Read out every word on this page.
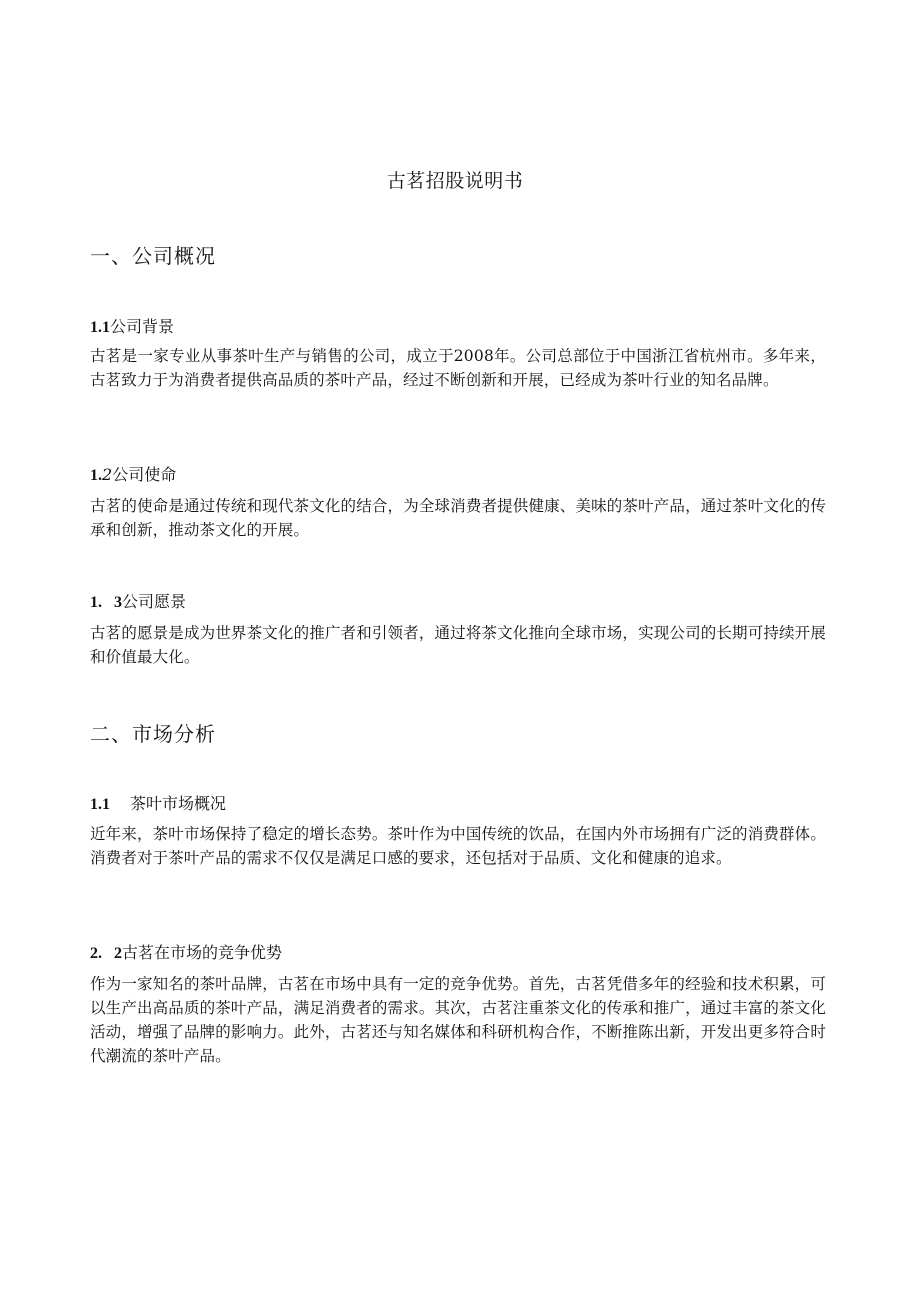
古茗招股说明书
一、公司概况
1.1公司背景
古茗是一家专业从事茶叶生产与销售的公司，成立于2008年。公司总部位于中国浙江省杭州市。多年来，古茗致力于为消费者提供高品质的茶叶产品，经过不断创新和开展，已经成为茶叶行业的知名品牌。
1.2公司使命
古茗的使命是通过传统和现代茶文化的结合，为全球消费者提供健康、美味的茶叶产品，通过茶叶文化的传承和创新，推动茶文化的开展。
1. 3公司愿景
古茗的愿景是成为世界茶文化的推广者和引领者，通过将茶文化推向全球市场，实现公司的长期可持续开展和价值最大化。
二、市场分析
1.1 茶叶市场概况
近年来，茶叶市场保持了稳定的增长态势。茶叶作为中国传统的饮品，在国内外市场拥有广泛的消费群体。消费者对于茶叶产品的需求不仅仅是满足口感的要求，还包括对于品质、文化和健康的追求。
2. 2古茗在市场的竞争优势
作为一家知名的茶叶品牌，古茗在市场中具有一定的竞争优势。首先，古茗凭借多年的经验和技术积累，可以生产出高品质的茶叶产品，满足消费者的需求。其次，古茗注重茶文化的传承和推广，通过丰富的茶文化活动，增强了品牌的影响力。此外，古茗还与知名媒体和科研机构合作，不断推陈出新，开发出更多符合时代潮流的茶叶产品。
